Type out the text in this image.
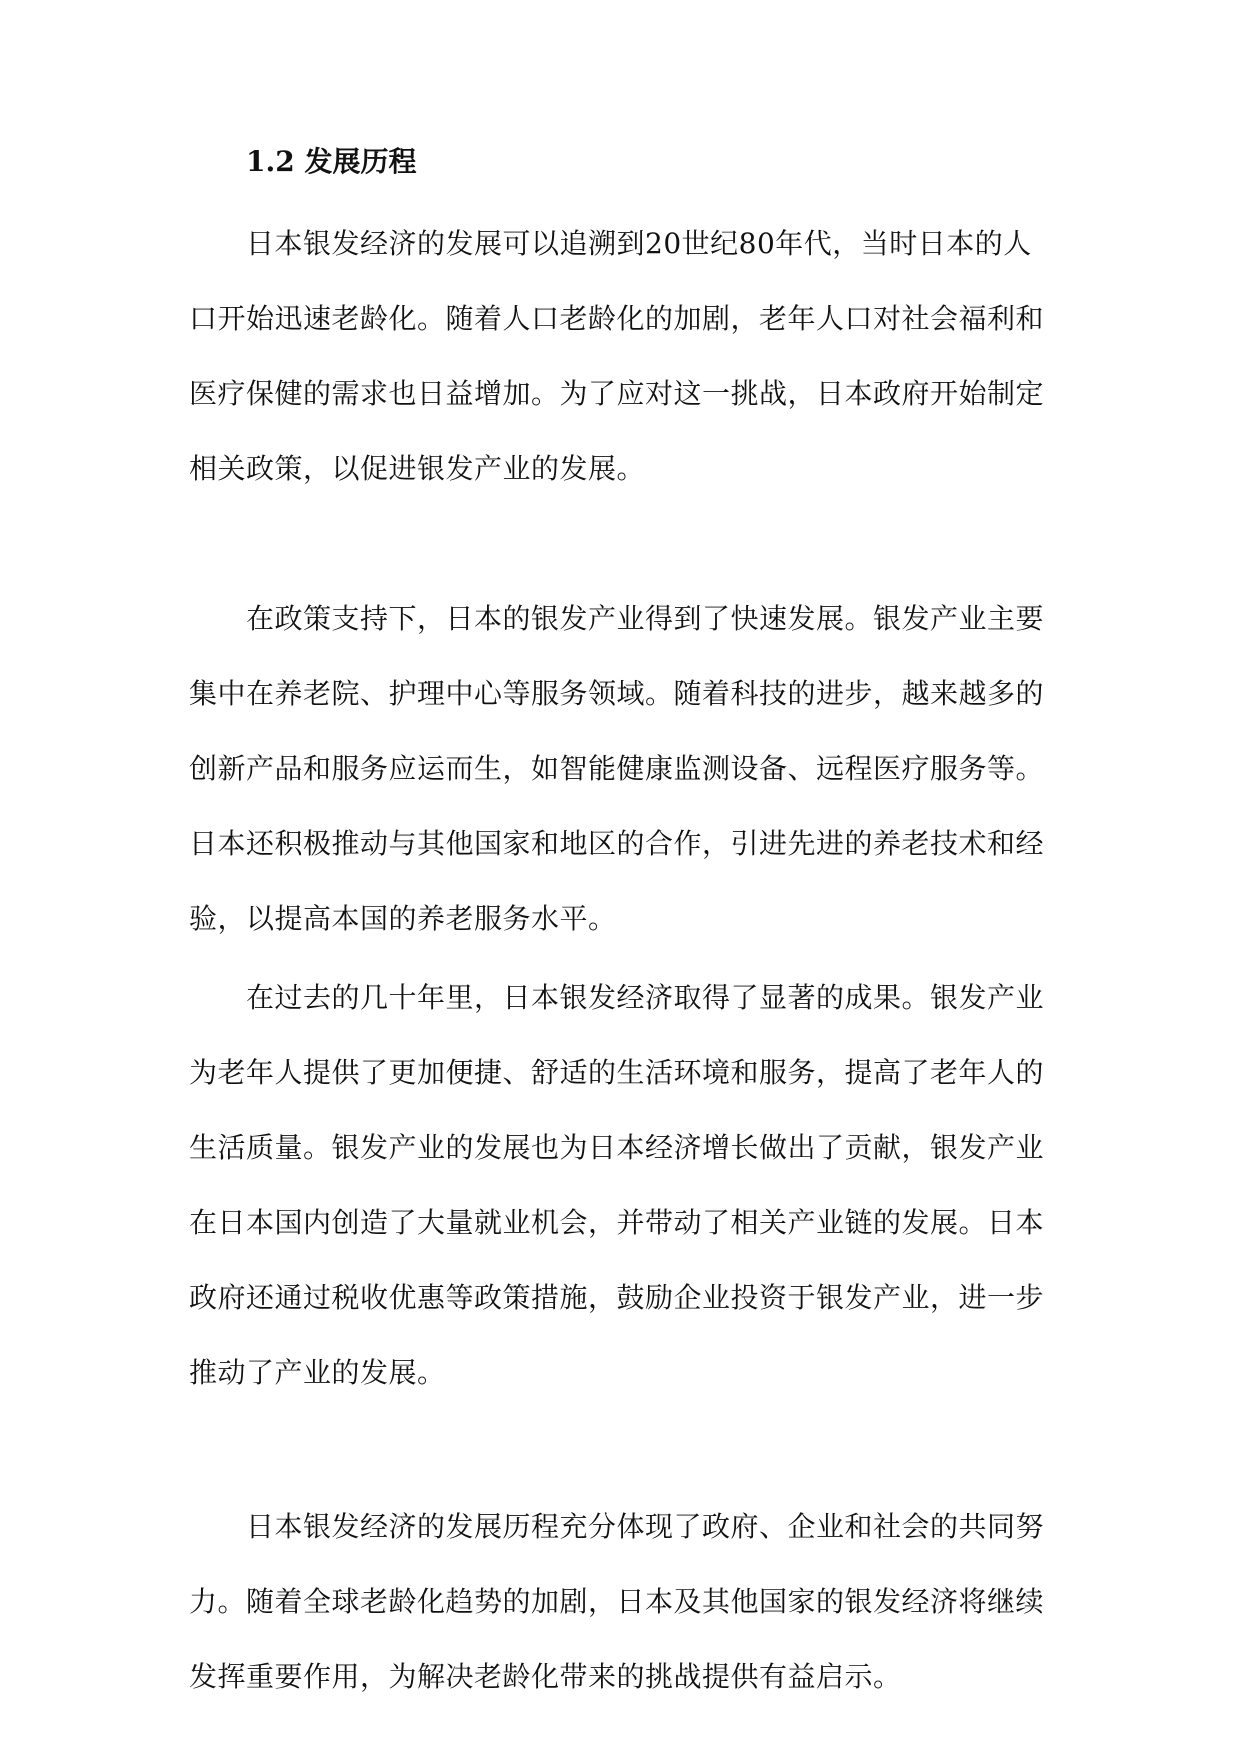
1.2 发展历程
日本银发经济的发展可以追溯到20世纪80年代，当时日本的人
口开始迅速老龄化。随着人口老龄化的加剧，老年人口对社会福利和
医疗保健的需求也日益增加。为了应对这一挑战，日本政府开始制定
相关政策，以促进银发产业的发展。
在政策支持下，日本的银发产业得到了快速发展。银发产业主要
集中在养老院、护理中心等服务领域。随着科技的进步，越来越多的
创新产品和服务应运而生，如智能健康监测设备、远程医疗服务等。
日本还积极推动与其他国家和地区的合作，引进先进的养老技术和经
验，以提高本国的养老服务水平。
在过去的几十年里，日本银发经济取得了显著的成果。银发产业
为老年人提供了更加便捷、舒适的生活环境和服务，提高了老年人的
生活质量。银发产业的发展也为日本经济增长做出了贡献，银发产业
在日本国内创造了大量就业机会，并带动了相关产业链的发展。日本
政府还通过税收优惠等政策措施，鼓励企业投资于银发产业，进一步
推动了产业的发展。
日本银发经济的发展历程充分体现了政府、企业和社会的共同努
力。随着全球老龄化趋势的加剧，日本及其他国家的银发经济将继续
发挥重要作用，为解决老龄化带来的挑战提供有益启示。
